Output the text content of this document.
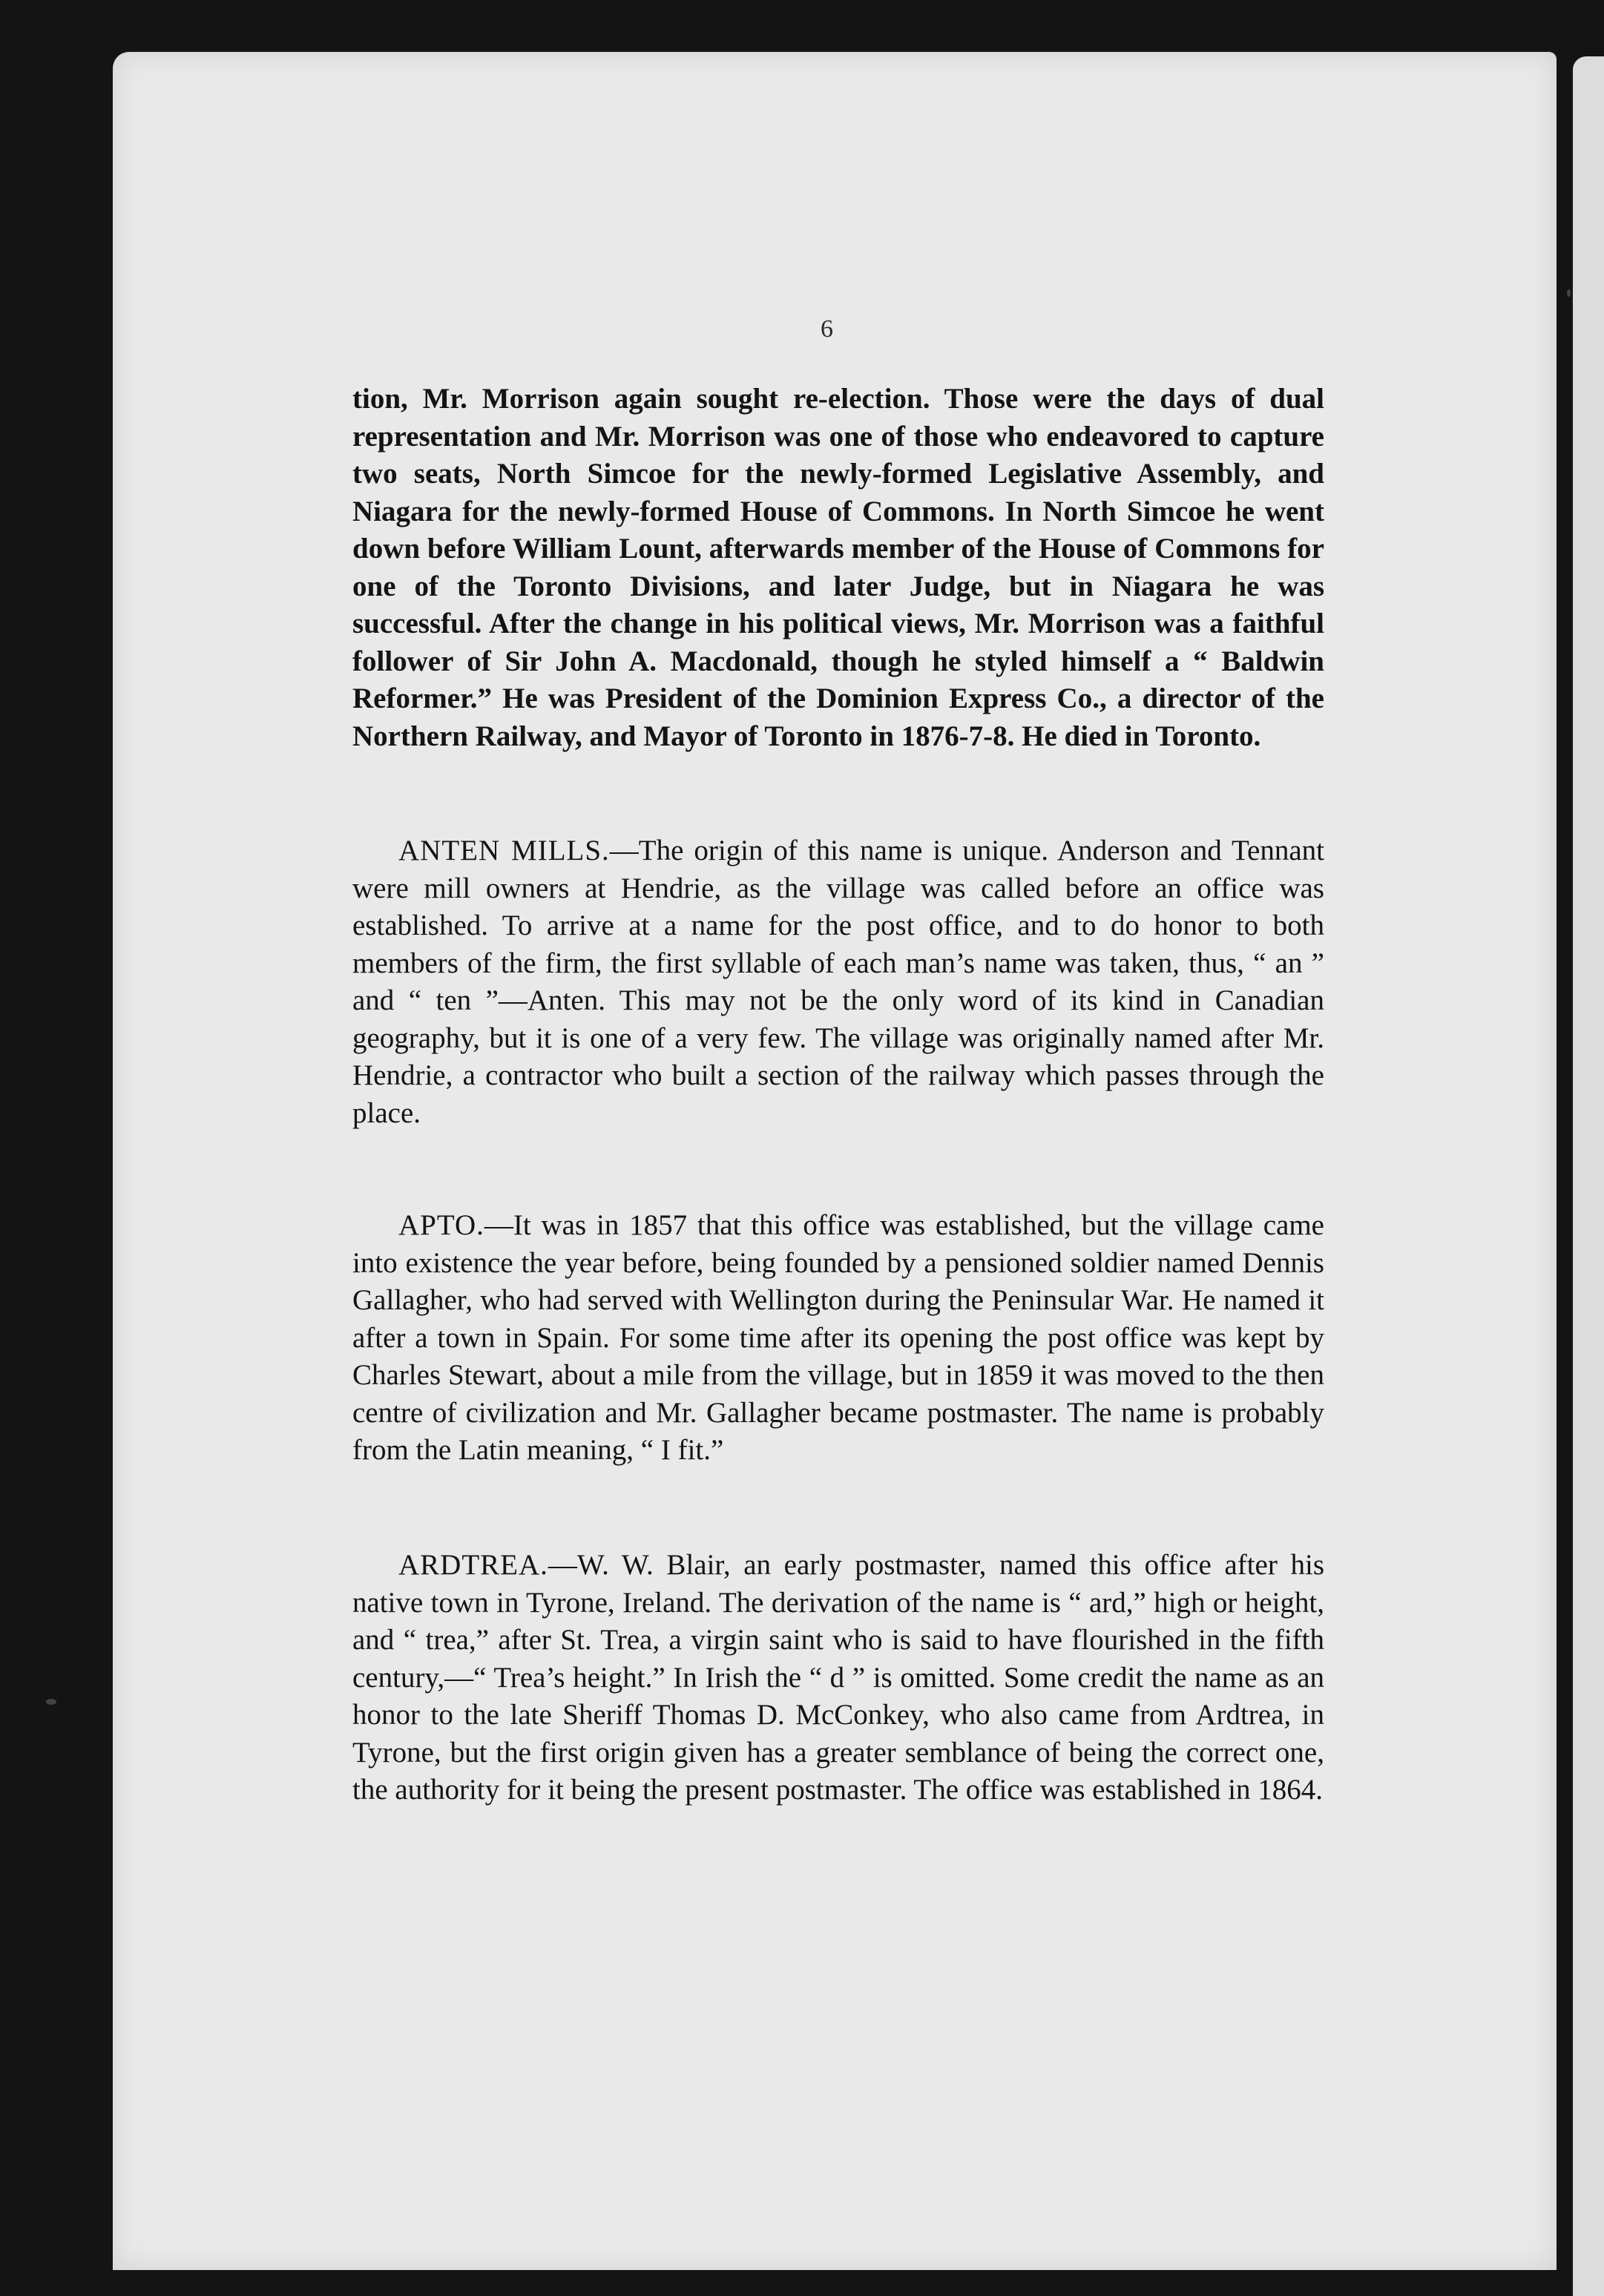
6

tion, Mr. Morrison again sought re-election. Those were the days of dual representation and Mr. Morrison was one of those who endeavored to capture two seats, North Simcoe for the newly-formed Legislative Assembly, and Niagara for the newly-formed House of Commons. In North Simcoe he went down before William Lount, afterwards member of the House of Commons for one of the Toronto Divisions, and later Judge, but in Niagara he was successful. After the change in his political views, Mr. Morrison was a faithful follower of Sir John A. Macdonald, though he styled himself a “ Baldwin Reformer.” He was President of the Dominion Express Co., a director of the Northern Railway, and Mayor of Toronto in 1876-7-8. He died in Toronto.

ANTEN MILLS.—The origin of this name is unique. Anderson and Tennant were mill owners at Hendrie, as the village was called before an office was established. To arrive at a name for the post office, and to do honor to both members of the firm, the first syllable of each man’s name was taken, thus, “ an ” and “ ten ”—Anten. This may not be the only word of its kind in Canadian geography, but it is one of a very few. The village was originally named after Mr. Hendrie, a contractor who built a section of the railway which passes through the place.

APTO.—It was in 1857 that this office was established, but the village came into existence the year before, being founded by a pensioned soldier named Dennis Gallagher, who had served with Wellington during the Peninsular War. He named it after a town in Spain. For some time after its opening the post office was kept by Charles Stewart, about a mile from the village, but in 1859 it was moved to the then centre of civilization and Mr. Gallagher became postmaster. The name is probably from the Latin meaning, “ I fit.”

ARDTREA.—W. W. Blair, an early postmaster, named this office after his native town in Tyrone, Ireland. The derivation of the name is “ ard,” high or height, and “ trea,” after St. Trea, a virgin saint who is said to have flourished in the fifth century,—“ Trea’s height.” In Irish the “ d ” is omitted. Some credit the name as an honor to the late Sheriff Thomas D. McConkey, who also came from Ardtrea, in Tyrone, but the first origin given has a greater semblance of being the correct one, the authority for it being the present postmaster. The office was established in 1864.
